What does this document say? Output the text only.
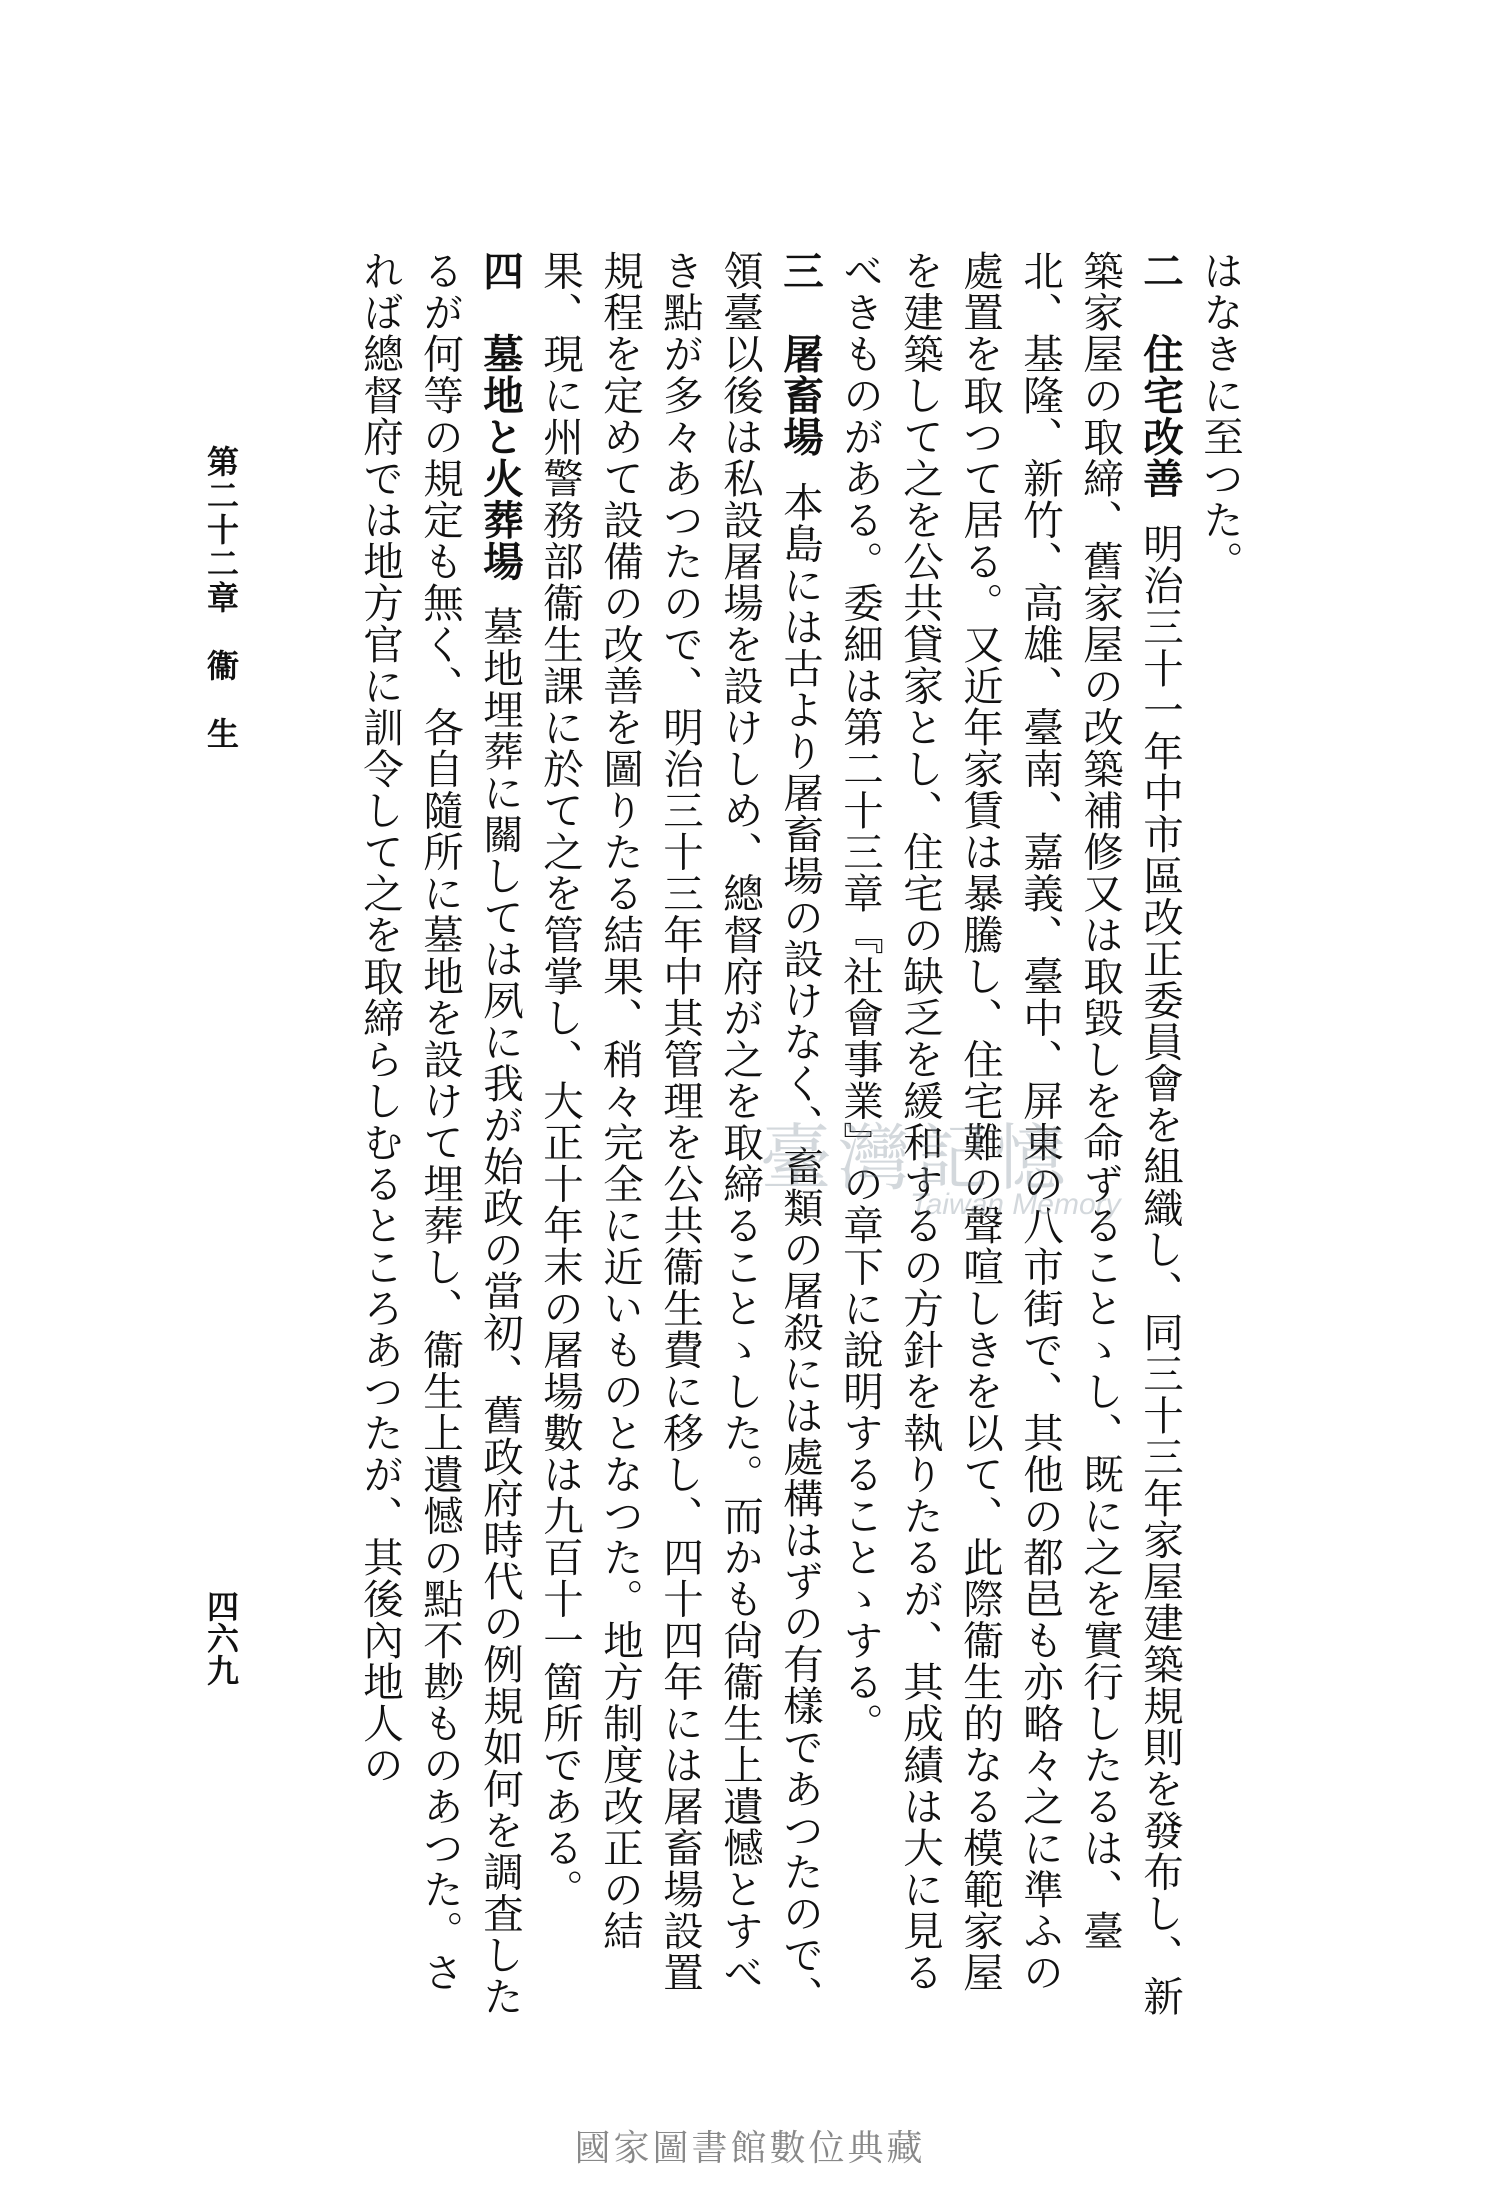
はなきに至つた。

二　住宅改善明治三十一年中市區改正委員會を組織し、同三十三年家屋建築規則を發布し、新築家屋の取締、舊家屋の改築補修又は取毀しを命ずることゝし、既に之を實行したるは、臺北、基隆、新竹、高雄、臺南、嘉義、臺中、屏東の八市街で、其他の都邑も亦略々之に準ふの處置を取つて居る。又近年家賃は暴騰し、住宅難の聲喧しきを以て、此際衞生的なる模範家屋を建築して之を公共貸家とし、住宅の缺乏を緩和するの方針を執りたるが、其成績は大に見るべきものがある。委細は第二十三章『社會事業』の章下に說明することゝする。

三　屠畜場本島には古より屠畜場の設けなく、畜類の屠殺には處構はずの有樣であつたので、領臺以後は私設屠場を設けしめ、總督府が之を取締ることゝした。而かも尙衞生上遺憾とすべき點が多々あつたので、明治三十三年中其管理を公共衞生費に移し、四十四年には屠畜場設置規程を定めて設備の改善を圖りたる結果、稍々完全に近いものとなつた。地方制度改正の結果、現に州警務部衞生課に於て之を管掌し、大正十年末の屠場數は九百十一箇所である。

四　墓地と火葬場墓地埋葬に關しては夙に我が始政の當初、舊政府時代の例規如何を調査したるが何等の規定も無く、各自隨所に墓地を設けて埋葬し、衞生上遺憾の點不尠ものあつた。されば總督府では地方官に訓令して之を取締らしむるところあつたが、其後內地人の

第二十二章　衞　生
四六九
臺灣記憶
Taiwan Memory
國家圖書館數位典藏
